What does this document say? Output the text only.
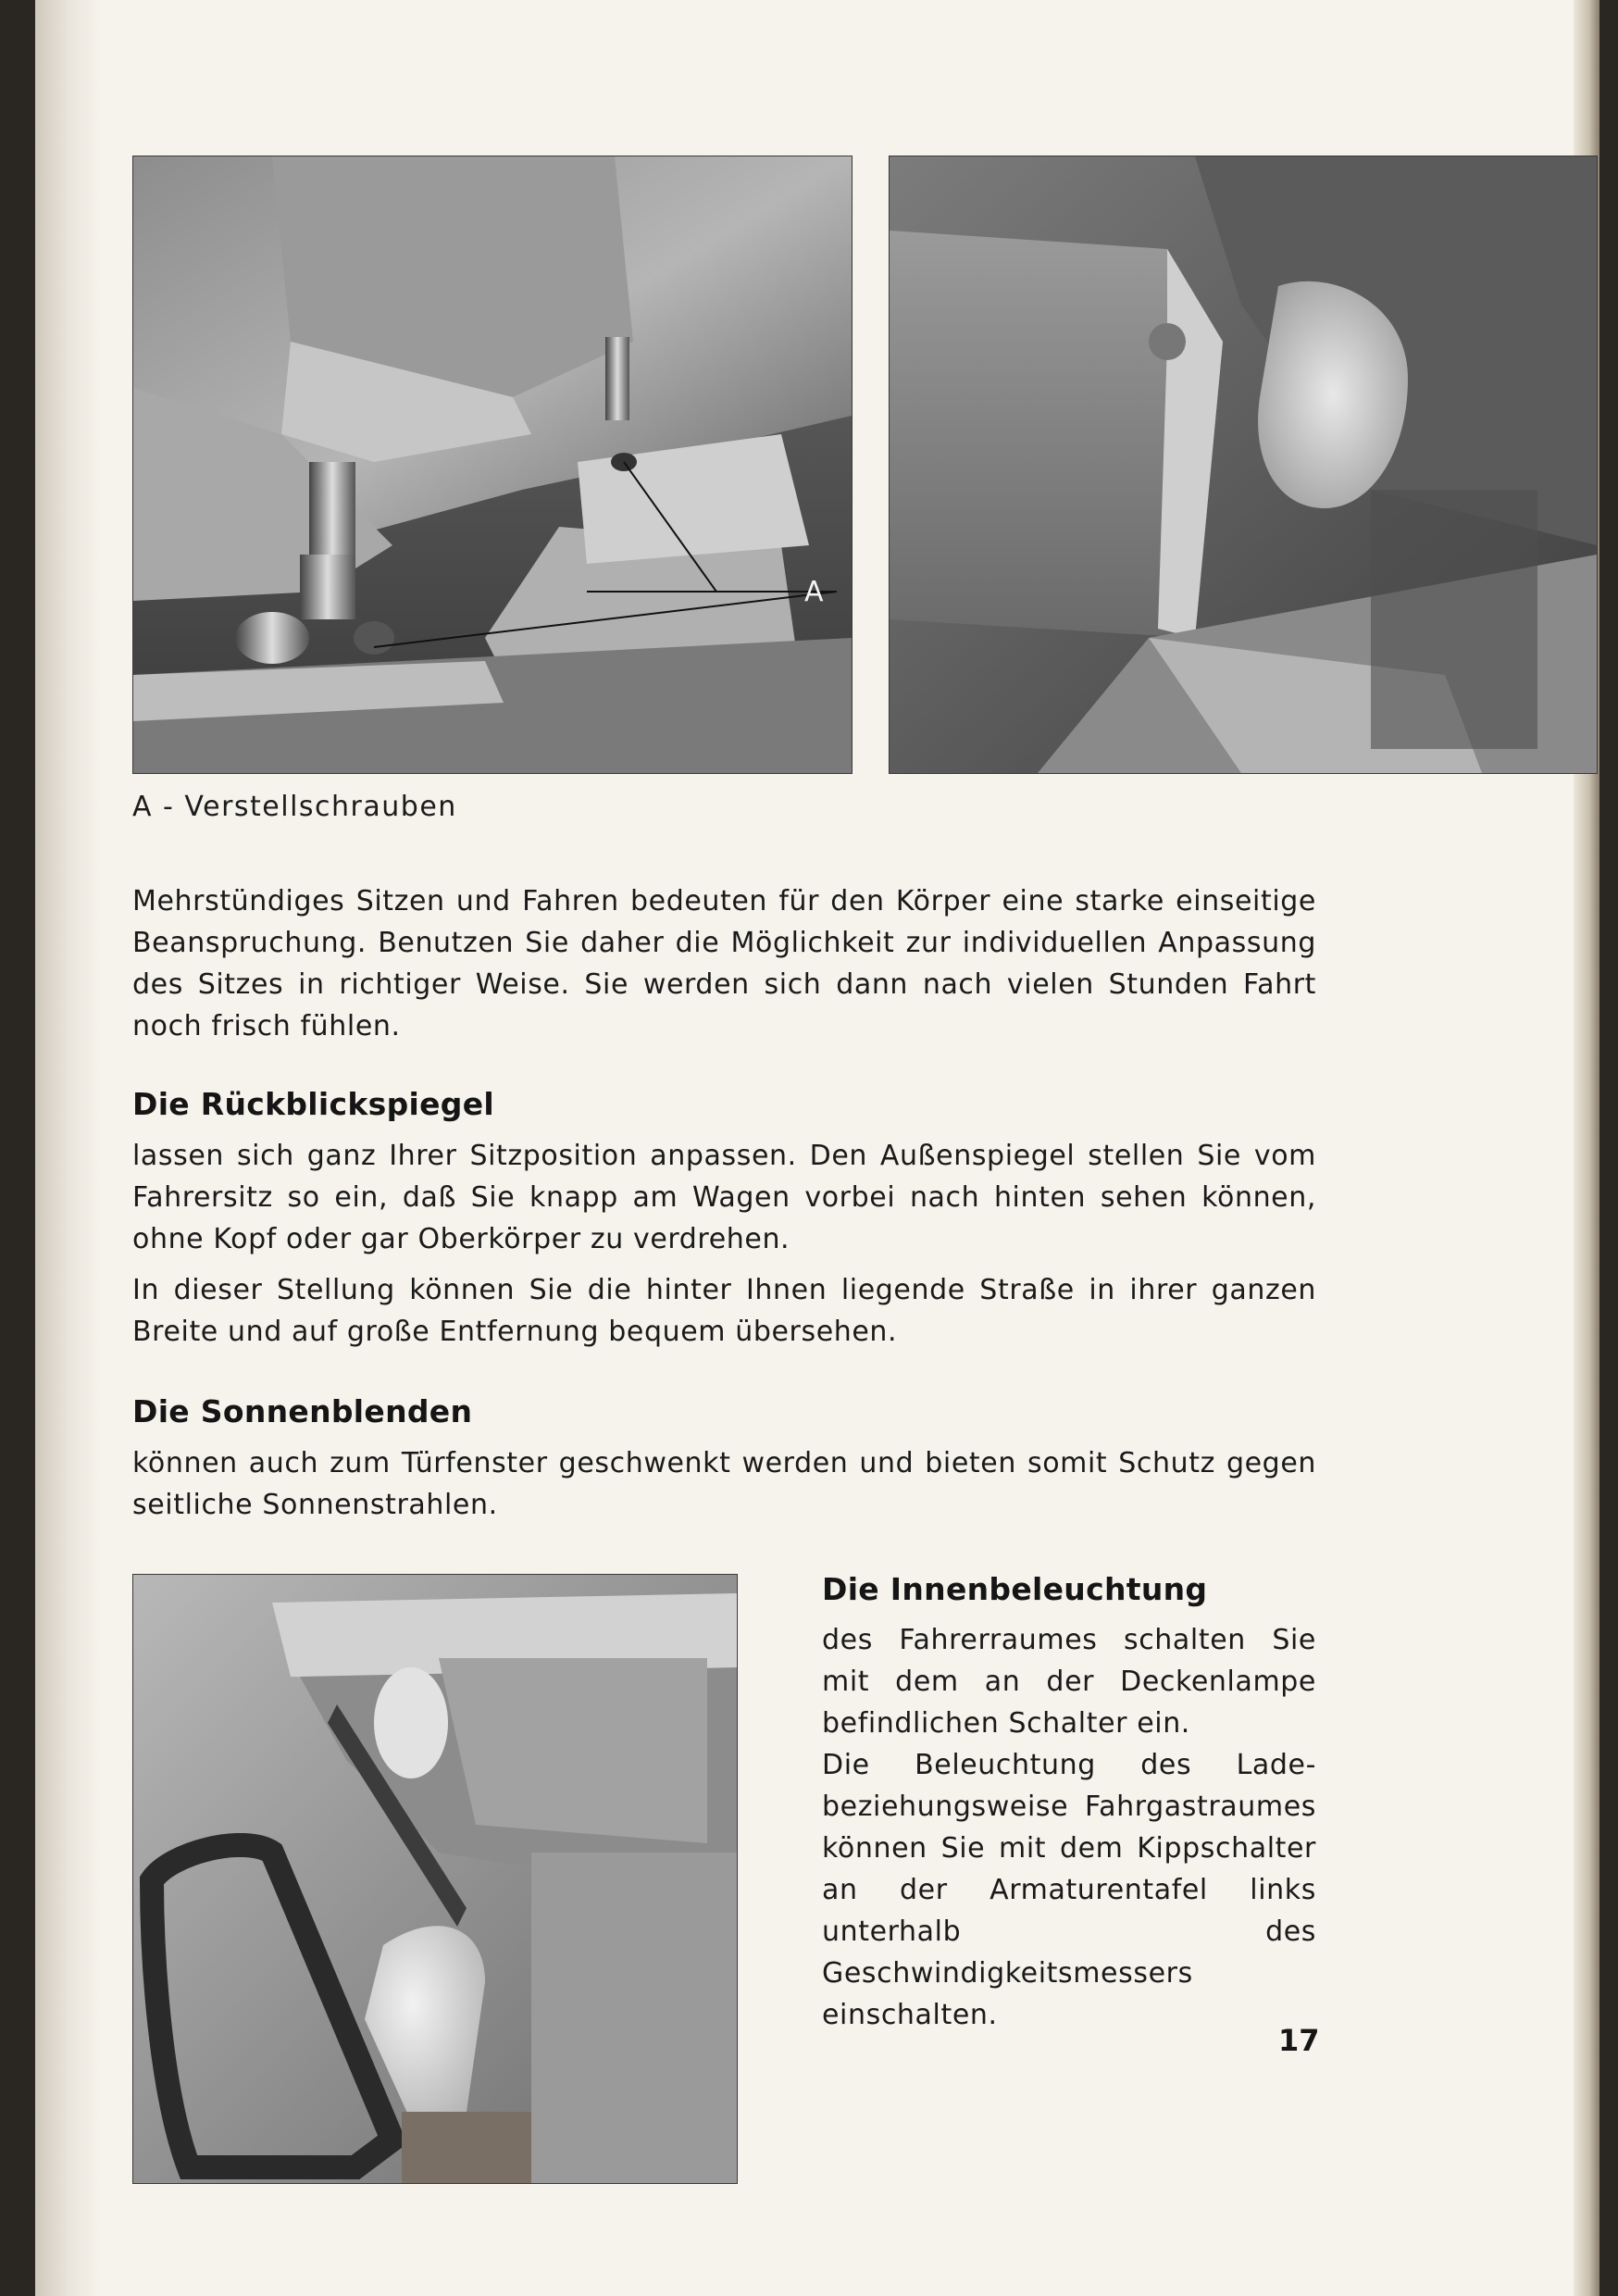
A
A - Verstellschrauben

Mehrstündiges Sitzen und Fahren bedeuten für den Körper eine starke einseitige Beanspruchung. Benutzen Sie daher die Möglichkeit zur individuellen Anpassung des Sitzes in richtiger Weise. Sie werden sich dann nach vielen Stunden Fahrt noch frisch fühlen.

Die Rückblickspiegel

lassen sich ganz Ihrer Sitzposition anpassen. Den Außenspiegel stellen Sie vom Fahrersitz so ein, daß Sie knapp am Wagen vorbei nach hinten sehen können, ohne Kopf oder gar Oberkörper zu verdrehen.

In dieser Stellung können Sie die hinter Ihnen liegende Straße in ihrer ganzen Breite und auf große Entfernung bequem übersehen.

Die Sonnenblenden

können auch zum Türfenster geschwenkt werden und bieten somit Schutz gegen seitliche Sonnenstrahlen.

Die Innenbeleuchtung

des Fahrerraumes schalten Sie mit dem an der Deckenlampe befindlichen Schalter ein.

Die Beleuchtung des Lade- beziehungsweise Fahrgastraumes können Sie mit dem Kippschalter an der Armaturentafel links unterhalb des Geschwindigkeitsmessers einschalten.

17
